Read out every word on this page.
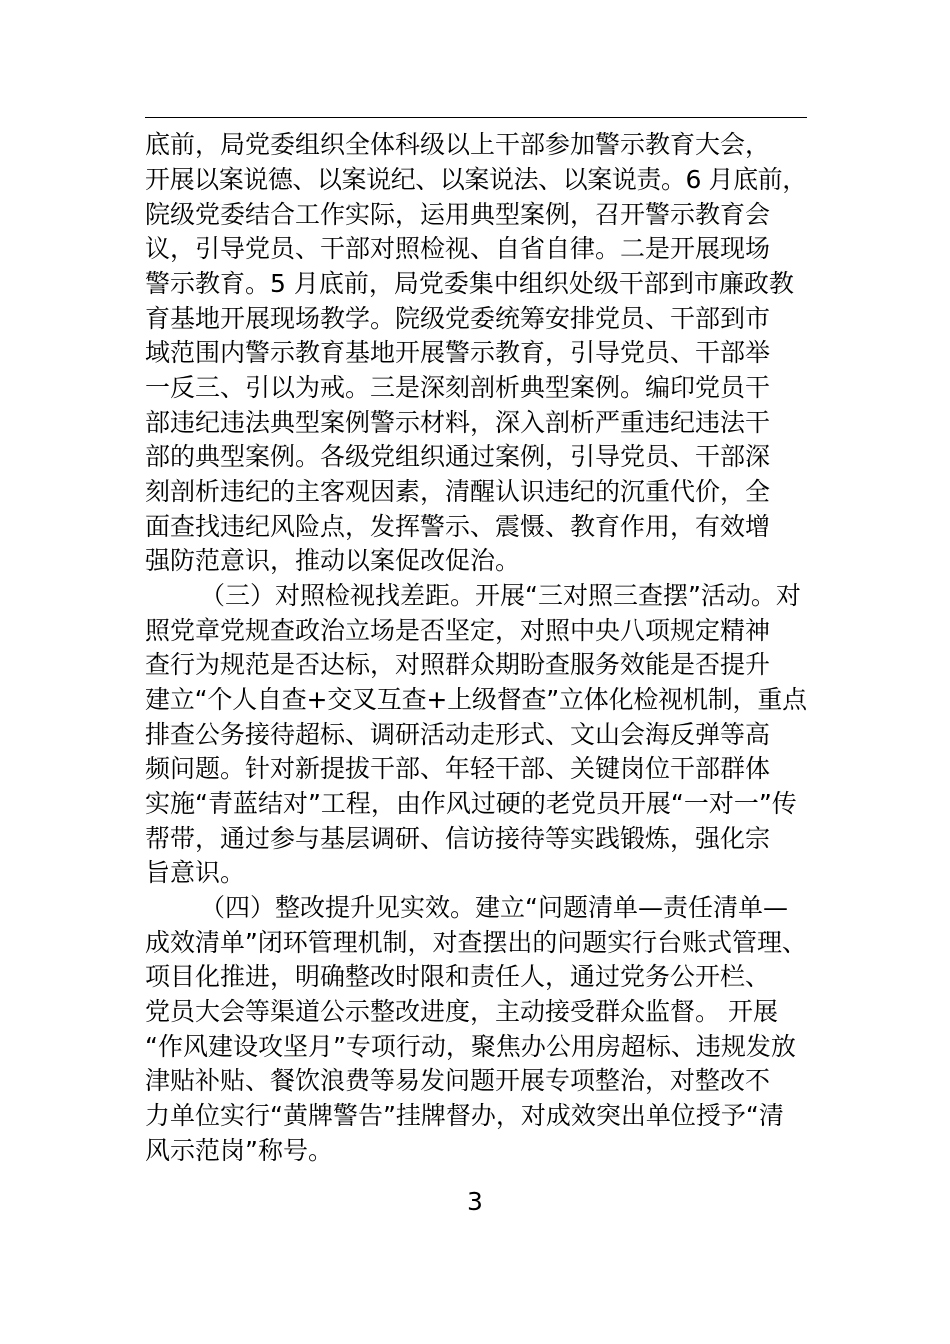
底前，局党委组织全体科级以上干部参加警示教育大会，
开展以案说德、以案说纪、以案说法、以案说责。6 月底前，
院级党委结合工作实际，运用典型案例，召开警示教育会
议，引导党员、干部对照检视、自省自律。二是开展现场
警示教育。5 月底前，局党委集中组织处级干部到市廉政教
育基地开展现场教学。院级党委统筹安排党员、干部到市
域范围内警示教育基地开展警示教育，引导党员、干部举
一反三、引以为戒。三是深刻剖析典型案例。编印党员干
部违纪违法典型案例警示材料，深入剖析严重违纪违法干
部的典型案例。各级党组织通过案例，引导党员、干部深
刻剖析违纪的主客观因素，清醒认识违纪的沉重代价，全
面查找违纪风险点，发挥警示、震慑、教育作用，有效增
强防范意识，推动以案促改促治。
（三）对照检视找差距。开展“三对照三查摆”活动。对
照党章党规查政治立场是否坚定，对照中央八项规定精神
查行为规范是否达标，对照群众期盼查服务效能是否提升
建立“个人自查+交叉互查+上级督查”立体化检视机制，重点
排查公务接待超标、调研活动走形式、文山会海反弹等高
频问题。针对新提拔干部、年轻干部、关键岗位干部群体
实施“青蓝结对”工程，由作风过硬的老党员开展“一对一”传
帮带，通过参与基层调研、信访接待等实践锻炼，强化宗
旨意识。
（四）整改提升见实效。建立“问题清单—责任清单—
成效清单”闭环管理机制，对查摆出的问题实行台账式管理、
项目化推进，明确整改时限和责任人，通过党务公开栏、
党员大会等渠道公示整改进度，主动接受群众监督。 开展
“作风建设攻坚月”专项行动，聚焦办公用房超标、违规发放
津贴补贴、餐饮浪费等易发问题开展专项整治，对整改不
力单位实行“黄牌警告”挂牌督办，对成效突出单位授予“清
风示范岗”称号。
3
